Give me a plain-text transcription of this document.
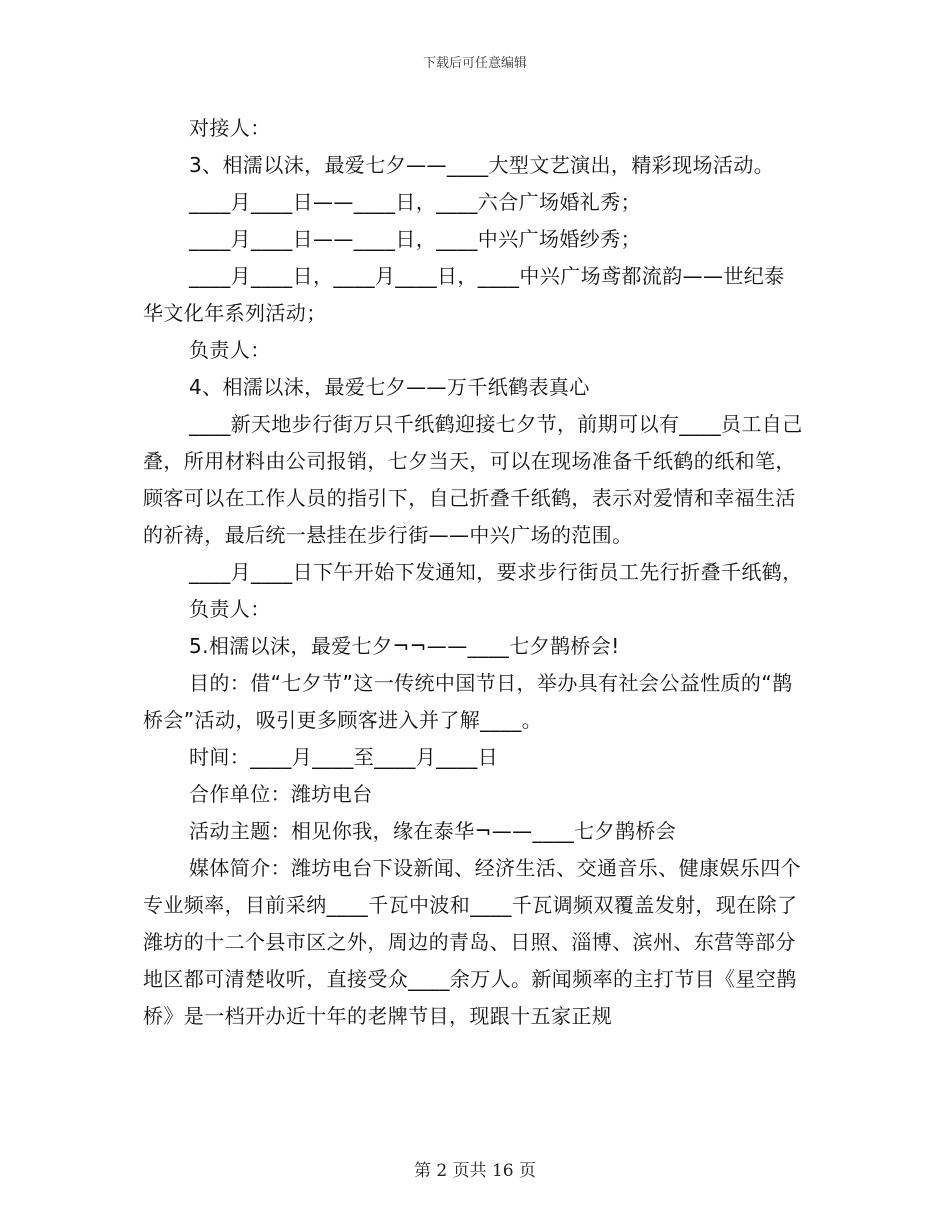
下载后可任意编辑

对接人：

3、相濡以沫，最爱七夕——____大型文艺演出，精彩现场活动。

____月____日——____日，____六合广场婚礼秀；

____月____日——____日，____中兴广场婚纱秀；

____月____日，____月____日，____中兴广场鸢都流韵——世纪泰华文化年系列活动；

负责人：

4、相濡以沫，最爱七夕——万千纸鹤表真心

____新天地步行街万只千纸鹤迎接七夕节，前期可以有____员工自己叠，所用材料由公司报销，七夕当天，可以在现场准备千纸鹤的纸和笔，顾客可以在工作人员的指引下，自己折叠千纸鹤，表示对爱情和幸福生活的祈祷，最后统一悬挂在步行街——中兴广场的范围。

____月____日下午开始下发通知，要求步行街员工先行折叠千纸鹤，

负责人：

5.相濡以沫，最爱七夕¬¬——____七夕鹊桥会!

目的：借“七夕节”这一传统中国节日，举办具有社会公益性质的“鹊桥会”活动，吸引更多顾客进入并了解____。

时间：____月____至____月____日

合作单位：潍坊电台

活动主题：相见你我，缘在泰华¬——____七夕鹊桥会

媒体简介：潍坊电台下设新闻、经济生活、交通音乐、健康娱乐四个专业频率，目前采纳____千瓦中波和____千瓦调频双覆盖发射，现在除了潍坊的十二个县市区之外，周边的青岛、日照、淄博、滨州、东营等部分地区都可清楚收听，直接受众____余万人。新闻频率的主打节目《星空鹊桥》是一档开办近十年的老牌节目，现跟十五家正规

第 2 页共 16 页
